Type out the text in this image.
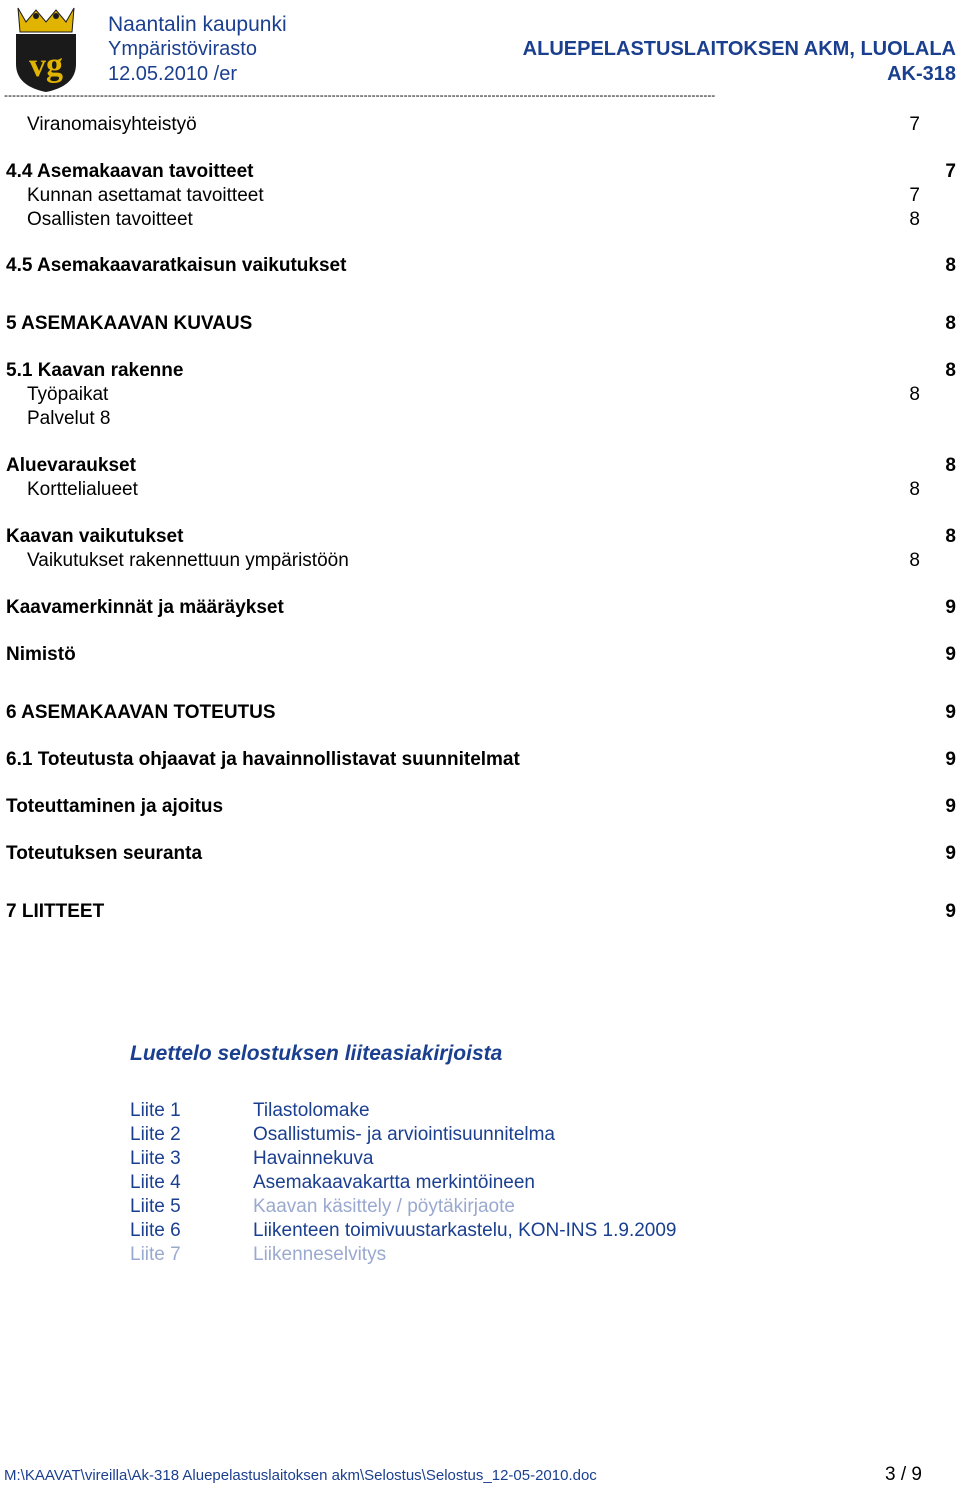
vg
Naantalin kaupunki
Ympäristövirasto
12.05.2010 /er
ALUEPELASTUSLAITOKSEN AKM, LUOLALA
AK-318
----------------------------------------------------------------------------------------------------------------------------------------------------------------------------------
Viranomaisyhteistyö	7
4.4 Asemakaavan tavoitteet	7
Kunnan asettamat tavoitteet	7
Osallisten tavoitteet	8
4.5 Asemakaavaratkaisun vaikutukset	8
5 ASEMAKAAVAN KUVAUS	8
5.1 Kaavan rakenne	8
Työpaikat	8
Palvelut 8
Aluevaraukset	8
Korttelialueet	8
Kaavan vaikutukset	8
Vaikutukset rakennettuun ympäristöön	8
Kaavamerkinnät ja määräykset	9
Nimistö	9
6 ASEMAKAAVAN TOTEUTUS	9
6.1 Toteutusta ohjaavat ja havainnollistavat suunnitelmat	9
Toteuttaminen ja ajoitus	9
Toteutuksen seuranta	9
7 LIITTEET	9
Luettelo selostuksen liiteasiakirjoista
Liite 1	Tilastolomake
Liite 2	Osallistumis- ja arviointisuunnitelma
Liite 3	Havainnekuva
Liite 4	Asemakaavakartta merkintöineen
Liite 5	Kaavan käsittely / pöytäkirjaote
Liite 6	Liikenteen toimivuustarkastelu, KON-INS 1.9.2009
Liite 7	Liikenneselvitys
M:\KAAVAT\vireilla\Ak-318 Aluepelastuslaitoksen akm\Selostus\Selostus_12-05-2010.doc	3 / 9
